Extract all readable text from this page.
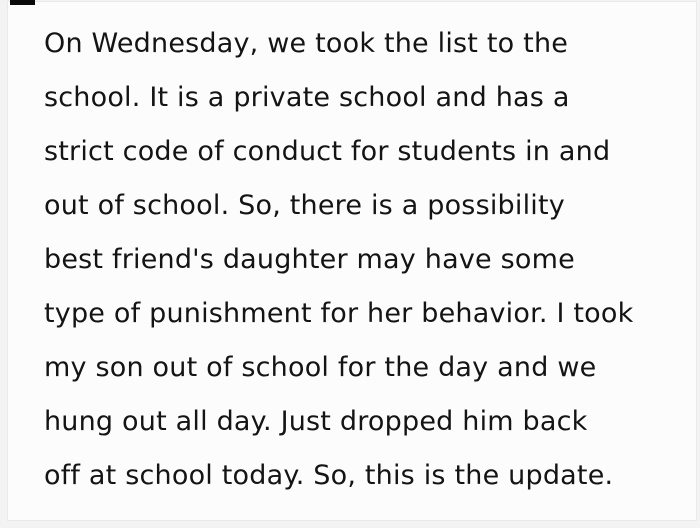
On Wednesday, we took the list to the

school. It is a private school and has a

strict code of conduct for students in and

out of school. So, there is a possibility

best friend's daughter may have some

type of punishment for her behavior. I took

my son out of school for the day and we

hung out all day. Just dropped him back

off at school today. So, this is the update.
